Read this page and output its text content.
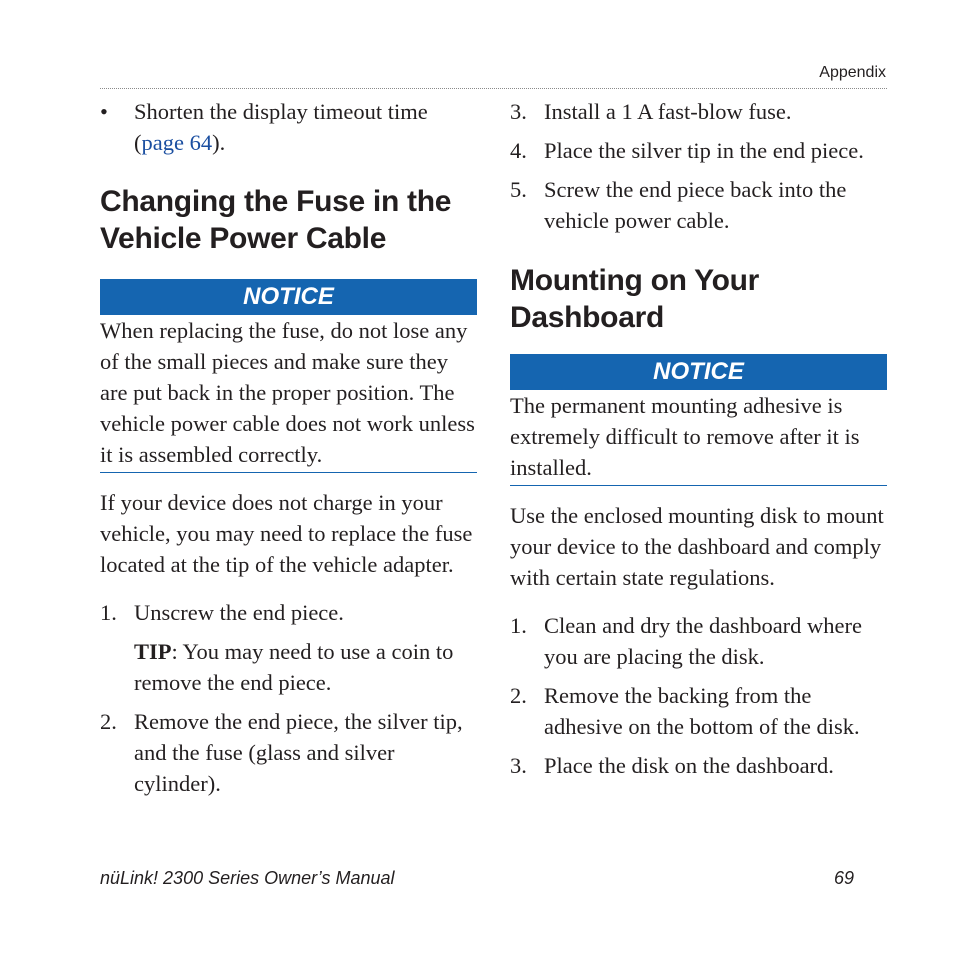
Appendix
• Shorten the display timeout time
(page 64).
Changing the Fuse in the Vehicle Power Cable
NOTICE

When replacing the fuse, do not lose any of the small pieces and make sure they are put back in the proper position. The vehicle power cable does not work unless it is assembled correctly.

If your device does not charge in your vehicle, you may need to replace the fuse located at the tip of the vehicle adapter.

1. Unscrew the end piece.
TIP: You may need to use a coin to remove the end piece.
2. Remove the end piece, the silver tip, and the fuse (glass and silver cylinder).
3. Install a 1 A fast-blow fuse.
4. Place the silver tip in the end piece.
5. Screw the end piece back into the vehicle power cable.
Mounting on Your Dashboard
NOTICE

The permanent mounting adhesive is extremely difficult to remove after it is installed.

Use the enclosed mounting disk to mount your device to the dashboard and comply with certain state regulations.

1. Clean and dry the dashboard where you are placing the disk.
2. Remove the backing from the adhesive on the bottom of the disk.
3. Place the disk on the dashboard.
nüLink! 2300 Series Owner’s Manual	69
